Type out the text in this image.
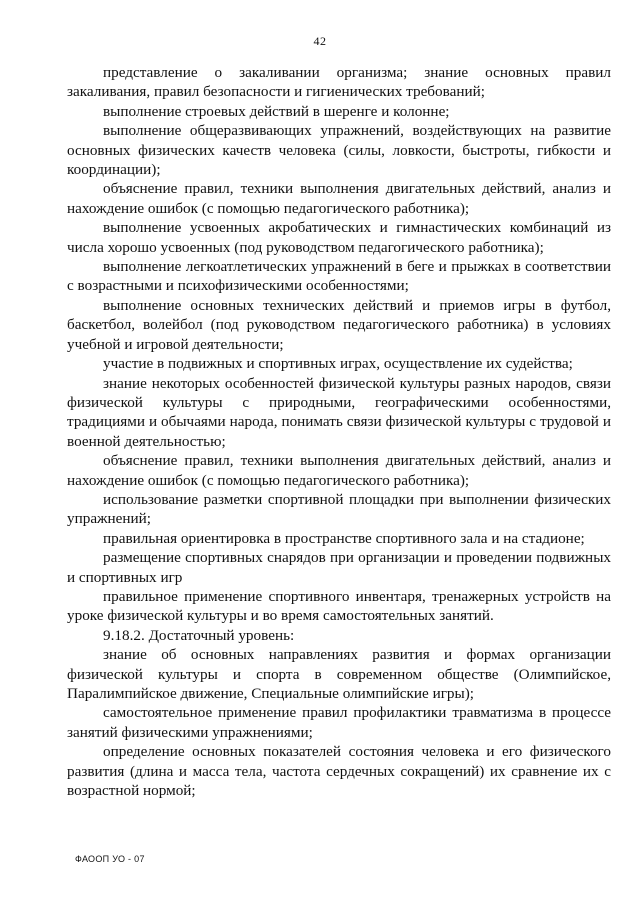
42

представление о закаливании организма; знание основных правил закаливания, правил безопасности и гигиенических требований;

выполнение строевых действий в шеренге и колонне;

выполнение общеразвивающих упражнений, воздействующих на развитие основных физических качеств человека (силы, ловкости, быстроты, гибкости и координации);

объяснение правил, техники выполнения двигательных действий, анализ и нахождение ошибок (с помощью педагогического работника);

выполнение усвоенных акробатических и гимнастических комбинаций из числа хорошо усвоенных (под руководством педагогического работника);

выполнение легкоатлетических упражнений в беге и прыжках в соответствии с возрастными и психофизическими особенностями;

выполнение основных технических действий и приемов игры в футбол, баскетбол, волейбол (под руководством педагогического работника) в условиях учебной и игровой деятельности;

участие в подвижных и спортивных играх, осуществление их судейства;

знание некоторых особенностей физической культуры разных народов, связи физической культуры с природными, географическими особенностями, традициями и обычаями народа, понимать связи физической культуры с трудовой и военной деятельностью;

объяснение правил, техники выполнения двигательных действий, анализ и нахождение ошибок (с помощью педагогического работника);

использование разметки спортивной площадки при выполнении физических упражнений;

правильная ориентировка в пространстве спортивного зала и на стадионе;

размещение спортивных снарядов при организации и проведении подвижных и спортивных игр

правильное применение спортивного инвентаря, тренажерных устройств на уроке физической культуры и во время самостоятельных занятий.

9.18.2. Достаточный уровень:

знание об основных направлениях развития и формах организации физической культуры и спорта в современном обществе (Олимпийское, Паралимпийское движение, Специальные олимпийские игры);

самостоятельное применение правил профилактики травматизма в процессе занятий физическими упражнениями;

определение основных показателей состояния человека и его физического развития (длина и масса тела, частота сердечных сокращений) их сравнение их с возрастной нормой;

ФАООП УО - 07
